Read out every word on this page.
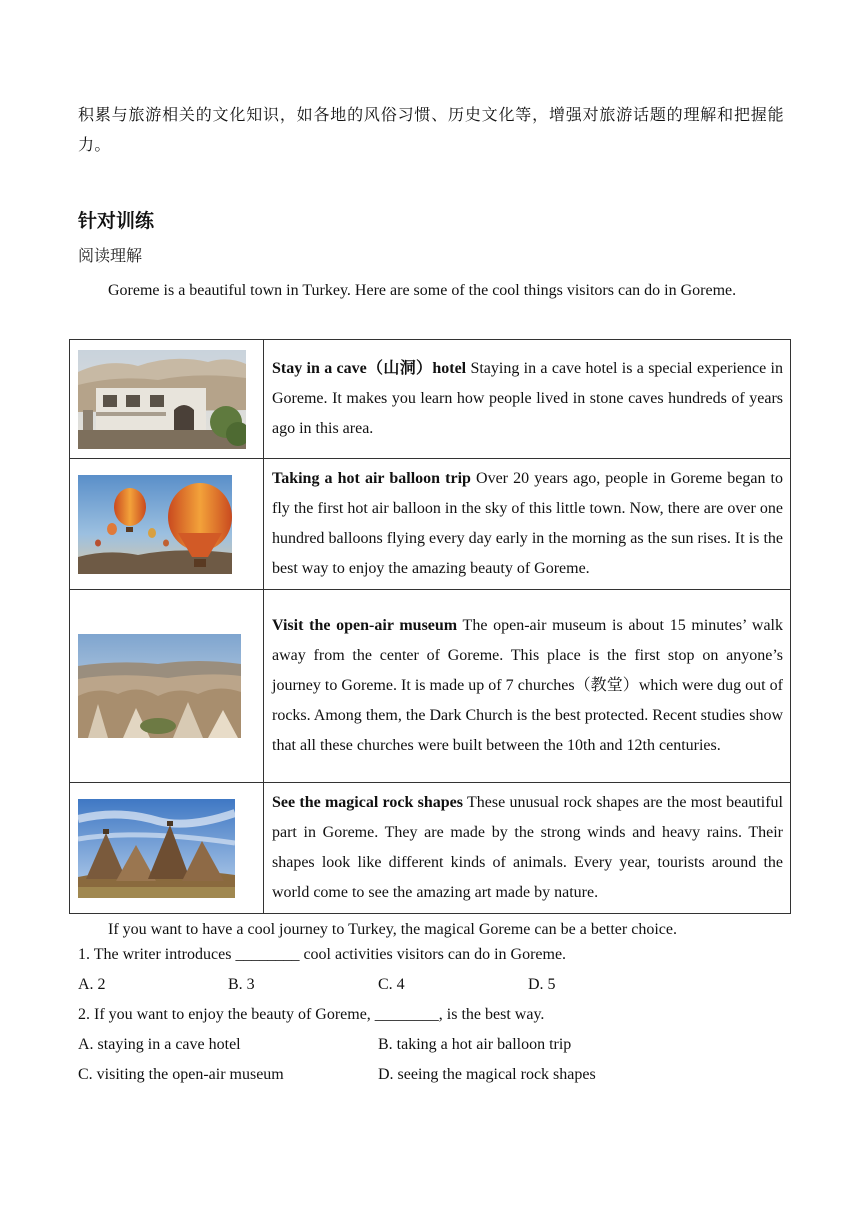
积累与旅游相关的文化知识，如各地的风俗习惯、历史文化等，增强对旅游话题的理解和把握能力。

针对训练

阅读理解

Goreme is a beautiful town in Turkey. Here are some of the cool things visitors can do in Goreme.

	Stay in a cave（山洞）hotel Staying in a cave hotel is a special experience in Goreme. It makes you learn how people lived in stone caves hundreds of years ago in this area.

	Taking a hot air balloon trip Over 20 years ago, people in Goreme began to fly the first hot air balloon in the sky of this little town. Now, there are over one hundred balloons flying every day early in the morning as the sun rises. It is the best way to enjoy the amazing beauty of Goreme.

	Visit the open-air museum The open-air museum is about 15 minutes’ walk away from the center of Goreme. This place is the first stop on anyone’s journey to Goreme. It is made up of 7 churches（教堂）which were dug out of rocks. Among them, the Dark Church is the best protected. Recent studies show that all these churches were built between the 10th and 12th centuries.

	See the magical rock shapes These unusual rock shapes are the most beautiful part in Goreme. They are made by the strong winds and heavy rains. Their shapes look like different kinds of animals. Every year, tourists around the world come to see the amazing art made by nature.

If you want to have a cool journey to Turkey, the magical Goreme can be a better choice.

1. The writer introduces ________ cool activities visitors can do in Goreme.

A. 2	B. 3	C. 4	D. 5

2. If you want to enjoy the beauty of Goreme, ________, is the best way.

A. staying in a cave hotel	B. taking a hot air balloon trip

C. visiting the open-air museum	D. seeing the magical rock shapes
